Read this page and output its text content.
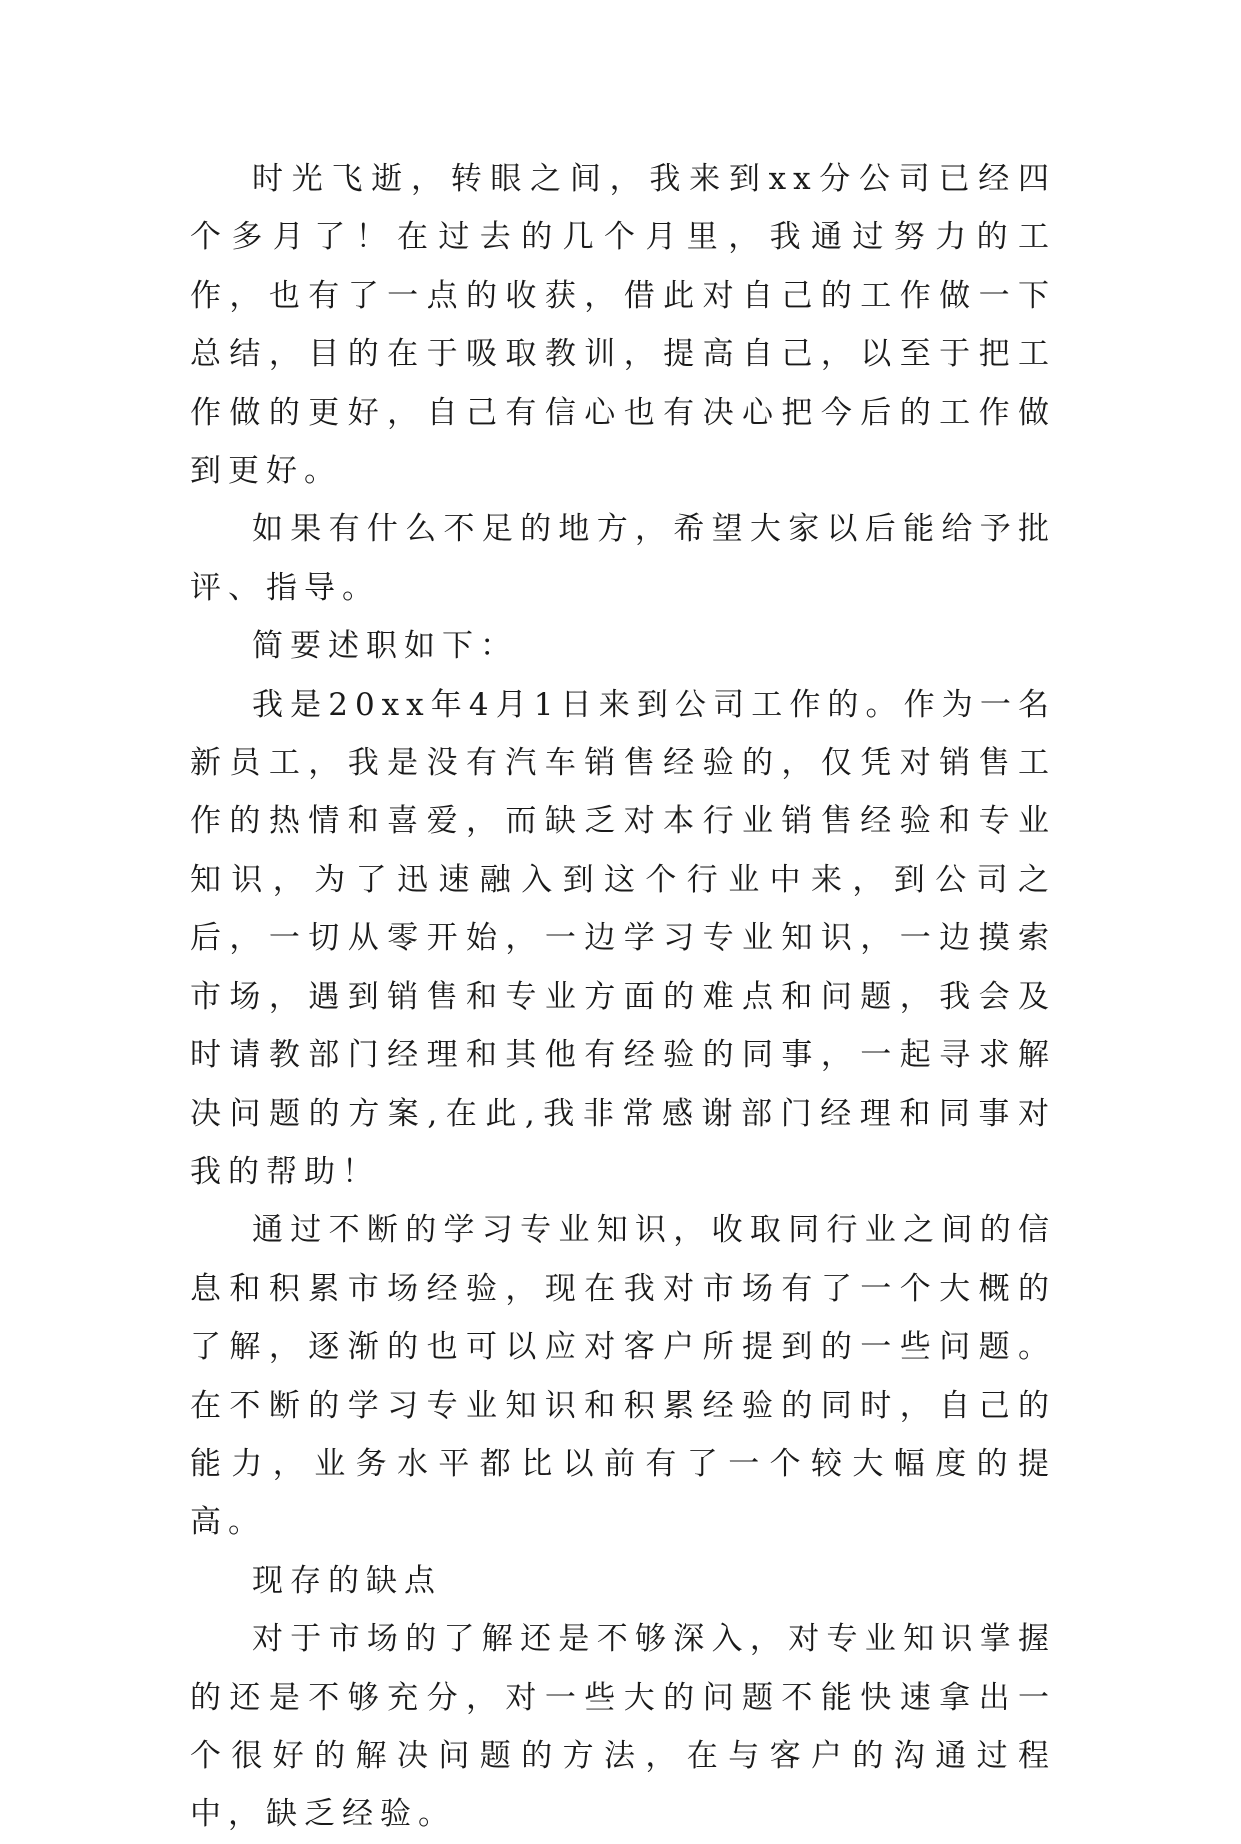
时光飞逝，转眼之间，我来到xx分公司已经四个多月了！在过去的几个月里，我通过努力的工作，也有了一点的收获，借此对自己的工作做一下总结，目的在于吸取教训，提高自己，以至于把工作做的更好，自己有信心也有决心把今后的工作做到更好。

如果有什么不足的地方，希望大家以后能给予批评、指导。

简要述职如下：

我是20xx年4月1日来到公司工作的。作为一名新员工，我是没有汽车销售经验的，仅凭对销售工作的热情和喜爱，而缺乏对本行业销售经验和专业知识，为了迅速融入到这个行业中来，到公司之后，一切从零开始，一边学习专业知识，一边摸索市场，遇到销售和专业方面的难点和问题，我会及时请教部门经理和其他有经验的同事，一起寻求解决问题的方案,在此,我非常感谢部门经理和同事对我的帮助！

通过不断的学习专业知识，收取同行业之间的信息和积累市场经验，现在我对市场有了一个大概的了解，逐渐的也可以应对客户所提到的一些问题。在不断的学习专业知识和积累经验的同时，自己的能力，业务水平都比以前有了一个较大幅度的提高。

现存的缺点

对于市场的了解还是不够深入，对专业知识掌握的还是不够充分，对一些大的问题不能快速拿出一个很好的解决问题的方法，在与客户的沟通过程中，缺乏经验。
